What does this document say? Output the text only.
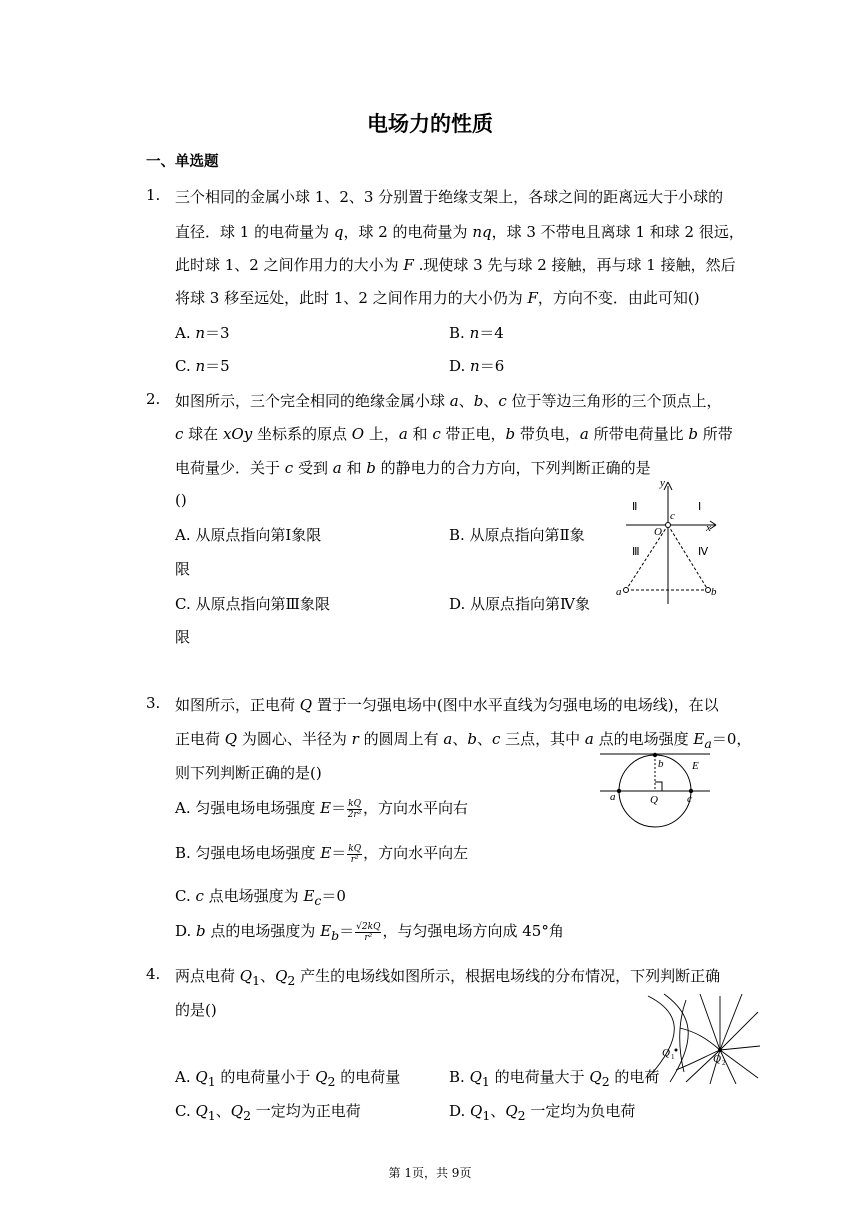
电场力的性质
一、单选题
1. 三个相同的金属小球 1、2、3 分别置于绝缘支架上，各球之间的距离远大于小球的
直径．球 1 的电荷量为 q，球 2 的电荷量为 nq，球 3 不带电且离球 1 和球 2 很远，
此时球 1、2 之间作用力的大小为 F .现使球 3 先与球 2 接触，再与球 1 接触，然后
将球 3 移至远处，此时 1、2 之间作用力的大小仍为 F，方向不变．由此可知()
A. n＝3	B. n＝4
C. n＝5	D. n＝6
2. 如图所示，三个完全相同的绝缘金属小球 a、b、c 位于等边三角形的三个顶点上，
c 球在 xOy 坐标系的原点 O 上，a 和 c 带正电，b 带负电，a 所带电荷量比 b 所带
电荷量少．关于 c 受到 a 和 b 的静电力的合力方向，下列判断正确的是
()
A. 从原点指向第Ⅰ象限	B. 从原点指向第Ⅱ象
限
C. 从原点指向第Ⅲ象限	D. 从原点指向第Ⅳ象
限
y
x
O
c
a	b
Ⅰ
Ⅱ
Ⅲ	Ⅳ
3. 如图所示，正电荷 Q 置于一匀强电场中(图中水平直线为匀强电场的电场线)，在以
正电荷 Q 为圆心、半径为 r 的圆周上有 a、b、c 三点，其中 a 点的电场强度 $E_a=0$，
则下列判断正确的是()
A. 匀强电场电场强度 $E= \frac{kQ}{\text{2r²}}$ ，方向水平向右
B. 匀强电场电场强度 $E= \frac{kQ}{\text{r²}}$ ，方向水平向左
C. c 点电场强度为 $E_c=0$
D. b 点的电场强度为 $E_b= \frac{√2kQ}{\text{r²}}$ ，与匀强电场方向成 45°角
b
a	Q	c
E
4. 两点电荷 $Q_1$、$Q_2$ 产生的电场线如图所示，根据电场线的分布情况，下列判断正确
的是()
A. $Q_1$ 的电荷量小于 $Q_2$ 的电荷量	B. $Q_1$ 的电荷量大于 $Q_2$ 的电荷
C. $Q_1$、$Q_2$ 一定均为正电荷	D. $Q_1$、$Q_2$ 一定均为负电荷
Q 1	Q 2
第 1页，共 9页
